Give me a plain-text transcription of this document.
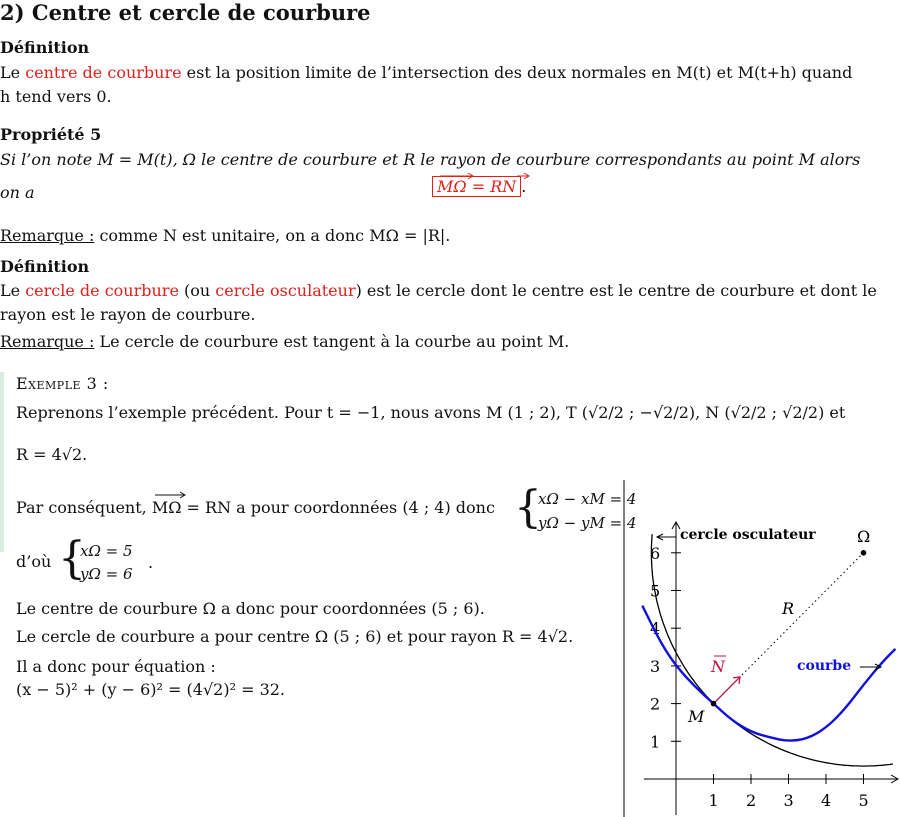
2) Centre et cercle de courbure
Définition
Le centre de courbure est la position limite de l’intersection des deux normales en M(t) et M(t+h) quand
h tend vers 0.
Propriété 5
Si l’on note M = M(t), Ω le centre de courbure et R le rayon de courbure correspondants au point M alors
on a	MΩ = RN .
Remarque : comme N est unitaire, on a donc MΩ = |R|.
Définition
Le cercle de courbure (ou cercle osculateur) est le cercle dont le centre est le centre de courbure et dont le
rayon est le rayon de courbure.
Remarque : Le cercle de courbure est tangent à la courbe au point M.
Exemple 3 :
Reprenons l’exemple précédent. Pour t = −1, nous avons M (1 ; 2), T (√2/2 ; −√2/2), N (√2/2 ; √2/2) et
R = 4√2.
Par conséquent, MΩ = RN a pour coordonnées (4 ; 4) donc {
xΩ − xM = 4
yΩ − yM = 4
d’où {
xΩ = 5
yΩ = 6
.
Le centre de courbure Ω a donc pour coordonnées (5 ; 6).
Le cercle de courbure a pour centre Ω (5 ; 6) et pour rayon R = 4√2.
Il a donc pour équation :
(x − 5)² + (y − 6)² = (4√2)² = 32.
1 2 3 4 5
1
2
3
4
5
6
cercle osculateur	Ω
R
courbe
N
M
